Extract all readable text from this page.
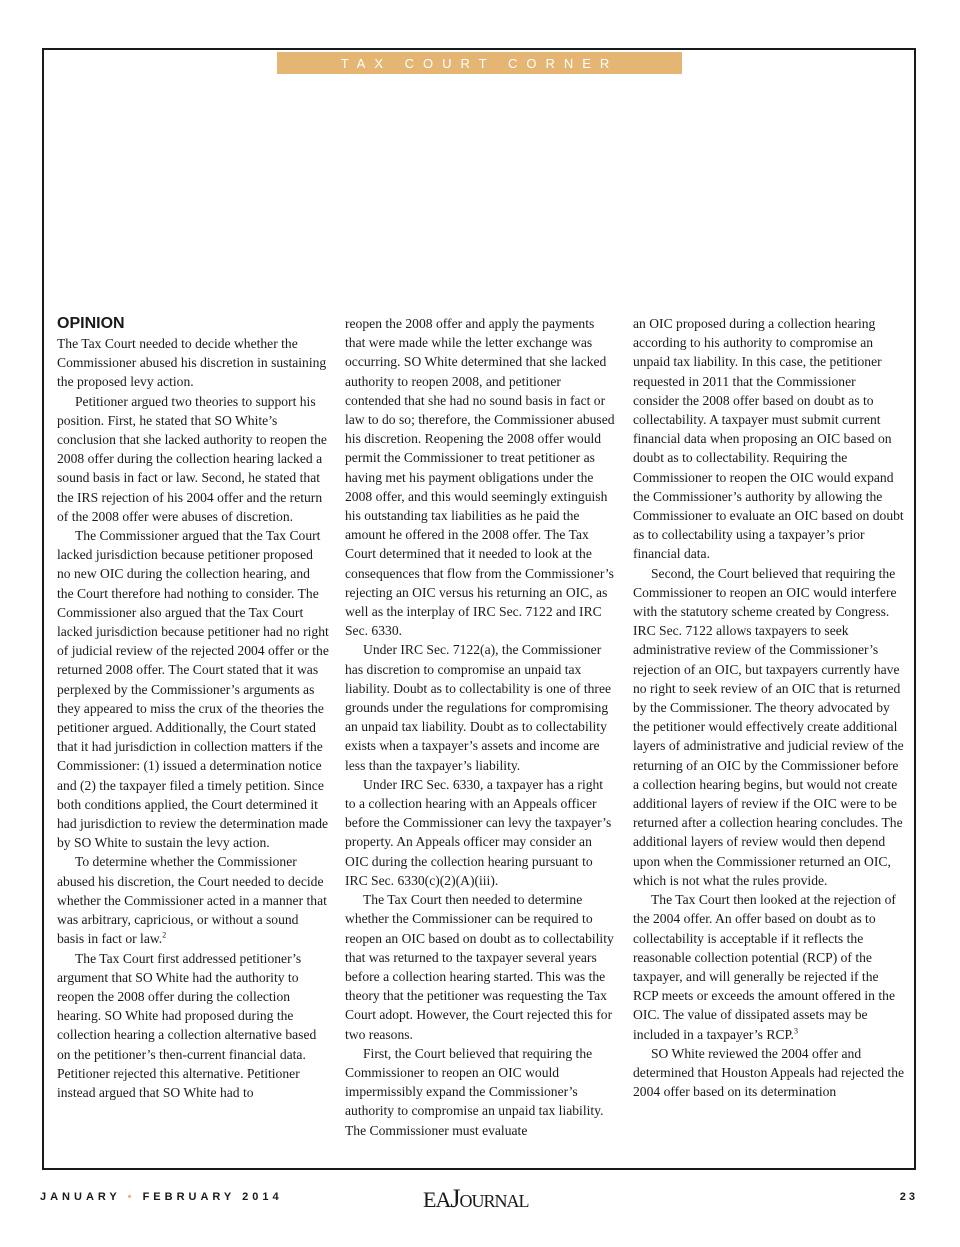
TAX COURT CORNER
OPINION

The Tax Court needed to decide whether the Commissioner abused his discretion in sustaining the proposed levy action.

Petitioner argued two theories to support his position. First, he stated that SO White’s conclusion that she lacked authority to reopen the 2008 offer during the collection hearing lacked a sound basis in fact or law. Second, he stated that the IRS rejection of his 2004 offer and the return of the 2008 offer were abuses of discretion.

The Commissioner argued that the Tax Court lacked jurisdiction because petitioner proposed no new OIC during the collection hearing, and the Court therefore had nothing to consider. The Commissioner also argued that the Tax Court lacked jurisdiction because petitioner had no right of judicial review of the rejected 2004 offer or the returned 2008 offer. The Court stated that it was perplexed by the Commissioner’s arguments as they appeared to miss the crux of the theories the petitioner argued. Additionally, the Court stated that it had jurisdiction in collection matters if the Commissioner: (1) issued a determination notice and (2) the taxpayer filed a timely petition. Since both conditions applied, the Court determined it had jurisdiction to review the determination made by SO White to sustain the levy action.

To determine whether the Commissioner abused his discretion, the Court needed to decide whether the Commissioner acted in a manner that was arbitrary, capricious, or without a sound basis in fact or law.$^2$

The Tax Court first addressed petitioner’s argument that SO White had the authority to reopen the 2008 offer during the collection hearing. SO White had proposed during the collection hearing a collection alternative based on the petitioner’s then-current financial data. Petitioner rejected this alternative. Petitioner instead argued that SO White had to

reopen the 2008 offer and apply the payments that were made while the letter exchange was occurring. SO White determined that she lacked authority to reopen 2008, and petitioner contended that she had no sound basis in fact or law to do so; therefore, the Commissioner abused his discretion. Reopening the 2008 offer would permit the Commissioner to treat petitioner as having met his payment obligations under the 2008 offer, and this would seemingly extinguish his outstanding tax liabilities as he paid the amount he offered in the 2008 offer. The Tax Court determined that it needed to look at the consequences that flow from the Commissioner’s rejecting an OIC versus his returning an OIC, as well as the interplay of IRC Sec. 7122 and IRC Sec. 6330.

Under IRC Sec. 7122(a), the Commissioner has discretion to compromise an unpaid tax liability. Doubt as to collectability is one of three grounds under the regulations for compromising an unpaid tax liability. Doubt as to collectability exists when a taxpayer’s assets and income are less than the taxpayer’s liability.

Under IRC Sec. 6330, a taxpayer has a right to a collection hearing with an Appeals officer before the Commissioner can levy the taxpayer’s property. An Appeals officer may consider an OIC during the collection hearing pursuant to IRC Sec. 6330(c)(2)(A)(iii).

The Tax Court then needed to determine whether the Commissioner can be required to reopen an OIC based on doubt as to collectability that was returned to the taxpayer several years before a collection hearing started. This was the theory that the petitioner was requesting the Tax Court adopt. However, the Court rejected this for two reasons.

First, the Court believed that requiring the Commissioner to reopen an OIC would impermissibly expand the Commissioner’s authority to compromise an unpaid tax liability. The Commissioner must evaluate

an OIC proposed during a collection hearing according to his authority to compromise an unpaid tax liability. In this case, the petitioner requested in 2011 that the Commissioner consider the 2008 offer based on doubt as to collectability. A taxpayer must submit current financial data when proposing an OIC based on doubt as to collectability. Requiring the Commissioner to reopen the OIC would expand the Commissioner’s authority by allowing the Commissioner to evaluate an OIC based on doubt as to collectability using a taxpayer’s prior financial data.

Second, the Court believed that requiring the Commissioner to reopen an OIC would interfere with the statutory scheme created by Congress. IRC Sec. 7122 allows taxpayers to seek administrative review of the Commissioner’s rejection of an OIC, but taxpayers currently have no right to seek review of an OIC that is returned by the Commissioner. The theory advocated by the petitioner would effectively create additional layers of administrative and judicial review of the returning of an OIC by the Commissioner before a collection hearing begins, but would not create additional layers of review if the OIC were to be returned after a collection hearing concludes. The additional layers of review would then depend upon when the Commissioner returned an OIC, which is not what the rules provide.

The Tax Court then looked at the rejection of the 2004 offer. An offer based on doubt as to collectability is acceptable if it reflects the reasonable collection potential (RCP) of the taxpayer, and will generally be rejected if the RCP meets or exceeds the amount offered in the OIC. The value of dissipated assets may be included in a taxpayer’s RCP.$^3$

SO White reviewed the 2004 offer and determined that Houston Appeals had rejected the 2004 offer based on its determination

JANUARY • FEBRUARY 2014	EAJOURNAL	23
